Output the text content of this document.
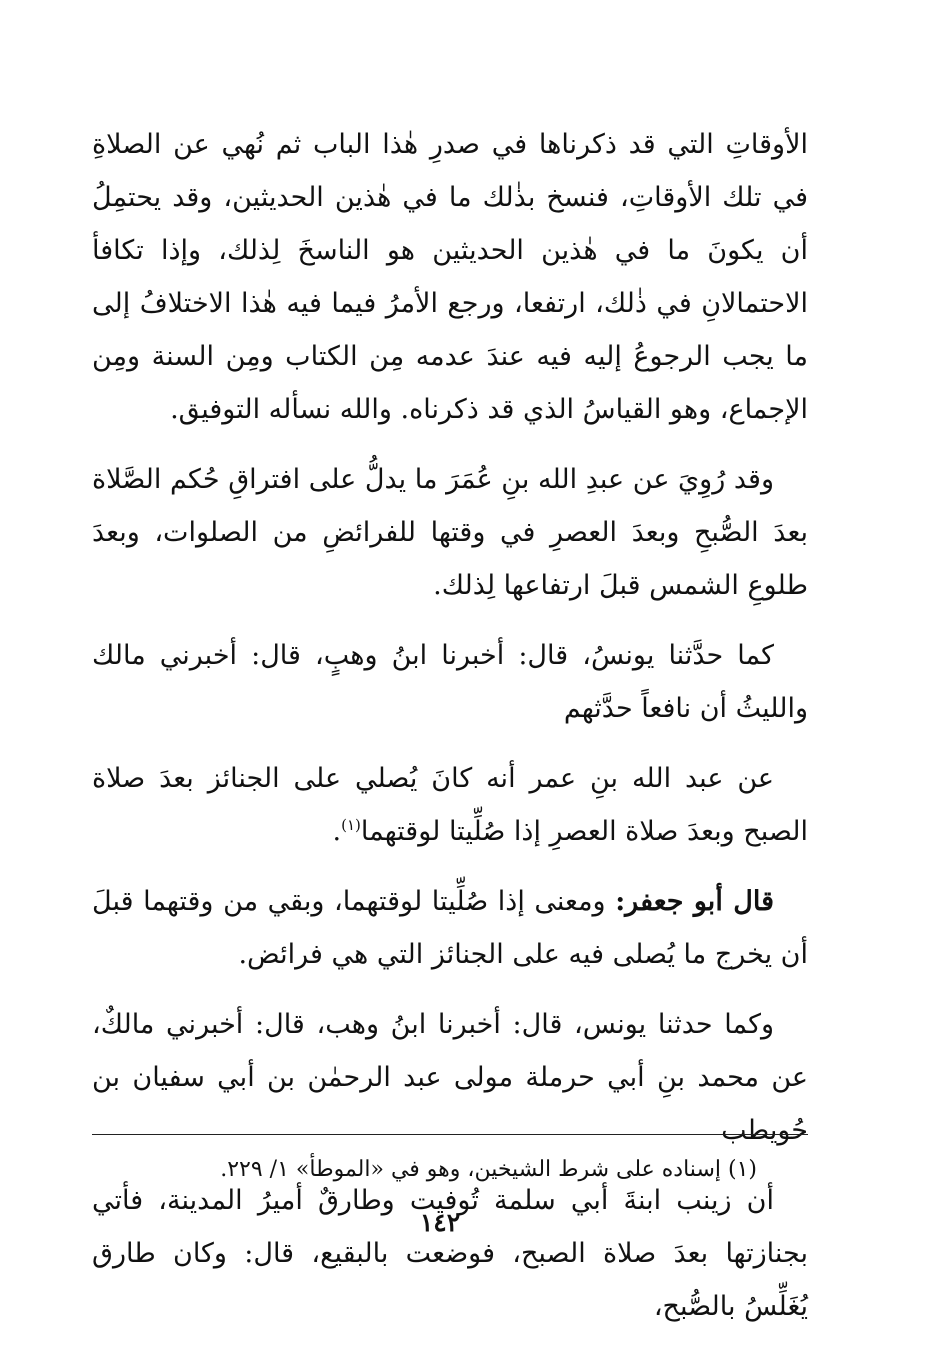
الأوقاتِ التي قد ذكرناها في صدرِ هٰذا الباب ثم نُهي عن الصلاةِ في تلك الأوقاتِ، فنسخ بذٰلك ما في هٰذين الحديثين، وقد يحتمِلُ أن يكونَ ما في هٰذين الحديثين هو الناسخَ لِذلك، وإذا تكافأ الاحتمالانِ في ذٰلك، ارتفعا، ورجع الأمرُ فيما فيه هٰذا الاختلافُ إلى ما يجب الرجوعُ إليه فيه عندَ عدمه مِن الكتاب ومِن السنة ومِن الإجماع، وهو القياسُ الذي قد ذكرناه. والله نسأله التوفيق.

وقد رُوِيَ عن عبدِ الله بنِ عُمَرَ ما يدلُّ على افتراقِ حُكم الصَّلاة بعدَ الصُّبحِ وبعدَ العصرِ في وقتها للفرائضِ من الصلوات، وبعدَ طلوعِ الشمس قبلَ ارتفاعها لِذلك.

كما حدَّثنا يونسُ، قال: أخبرنا ابنُ وهبٍ، قال: أخبرني مالك والليثُ أن نافعاً حدَّثهم

عن عبد الله بنِ عمر أنه كانَ يُصلي على الجنائز بعدَ صلاة الصبح وبعدَ صلاة العصرِ إذا صُلِّيتا لوقتهما$^{(١)}$.

قال أبو جعفر: ومعنى إذا صُلِّيتا لوقتهما، وبقي من وقتهما قبلَ أن يخرج ما يُصلى فيه على الجنائز التي هي فرائض.

وكما حدثنا يونس، قال: أخبرنا ابنُ وهب، قال: أخبرني مالكٌ، عن محمد بنِ أبي حرملة مولى عبد الرحمٰن بن أبي سفيان بن حُويطب

أن زينب ابنةَ أبي سلمة تُوفيت وطارقٌ أميرُ المدينة، فأتي بجنازتها بعدَ صلاة الصبح، فوضعت بالبقيع، قال: وكان طارق يُغَلِّسُ بالصُّبح،

(١) إسناده على شرط الشيخين، وهو في «الموطأ» ١/ ٢٢٩.
١٤٢
